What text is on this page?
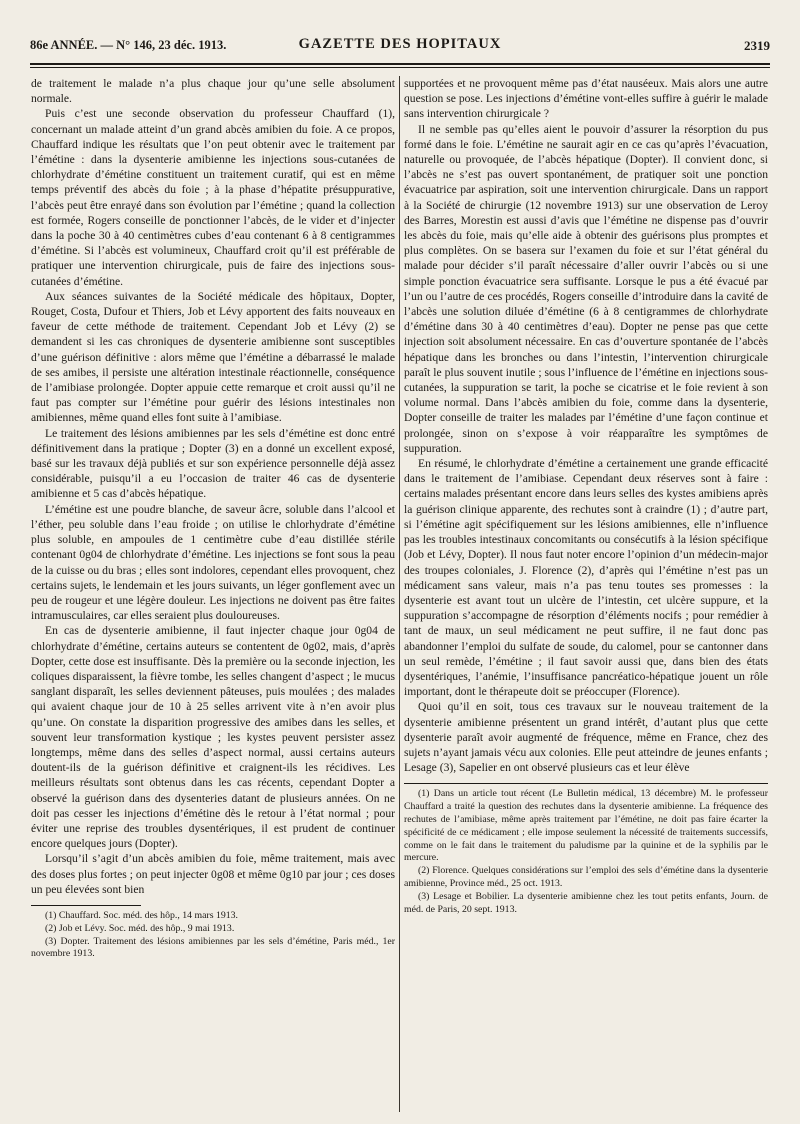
86e ANNÉE. — N° 146, 23 déc. 1913.	GAZETTE DES HOPITAUX	2319

de traitement le malade n’a plus chaque jour qu’une selle absolument normale.

Puis c’est une seconde observation du professeur Chauffard (1), concernant un malade atteint d’un grand abcès amibien du foie. A ce propos, Chauffard indique les résultats que l’on peut obtenir avec le traitement par l’émétine : dans la dysenterie amibienne les injections sous-cutanées de chlorhydrate d’émétine constituent un traitement curatif, qui est en même temps préventif des abcès du foie ; à la phase d’hépatite présuppurative, l’abcès peut être enrayé dans son évolution par l’émétine ; quand la collection est formée, Rogers conseille de ponctionner l’abcès, de le vider et d’injecter dans la poche 30 à 40 centimètres cubes d’eau contenant 6 à 8 centigrammes d’émétine. Si l’abcès est volumineux, Chauffard croit qu’il est préférable de pratiquer une intervention chirurgicale, puis de faire des injections sous-cutanées d’émétine.

Aux séances suivantes de la Société médicale des hôpitaux, Dopter, Rouget, Costa, Dufour et Thiers, Job et Lévy apportent des faits nouveaux en faveur de cette méthode de traitement. Cependant Job et Lévy (2) se demandent si les cas chroniques de dysenterie amibienne sont susceptibles d’une guérison définitive : alors même que l’émétine a débarrassé le malade de ses amibes, il persiste une altération intestinale réactionnelle, conséquence de l’amibiase prolongée. Dopter appuie cette remarque et croit aussi qu’il ne faut pas compter sur l’émétine pour guérir des lésions intestinales non amibiennes, même quand elles font suite à l’amibiase.

Le traitement des lésions amibiennes par les sels d’émétine est donc entré définitivement dans la pratique ; Dopter (3) en a donné un excellent exposé, basé sur les travaux déjà publiés et sur son expérience personnelle déjà assez considérable, puisqu’il a eu l’occasion de traiter 46 cas de dysenterie amibienne et 5 cas d’abcès hépatique.

L’émétine est une poudre blanche, de saveur âcre, soluble dans l’alcool et l’éther, peu soluble dans l’eau froide ; on utilise le chlorhydrate d’émétine plus soluble, en ampoules de 1 centimètre cube d’eau distillée stérile contenant 0g04 de chlorhydrate d’émétine. Les injections se font sous la peau de la cuisse ou du bras ; elles sont indolores, cependant elles provoquent, chez certains sujets, le lendemain et les jours suivants, un léger gonflement avec un peu de rougeur et une légère douleur. Les injections ne doivent pas être faites intramusculaires, car elles seraient plus douloureuses.

En cas de dysenterie amibienne, il faut injecter chaque jour 0g04 de chlorhydrate d’émétine, certains auteurs se contentent de 0g02, mais, d’après Dopter, cette dose est insuffisante. Dès la première ou la seconde injection, les coliques disparaissent, la fièvre tombe, les selles changent d’aspect ; le mucus sanglant disparaît, les selles deviennent pâteuses, puis moulées ; des malades qui avaient chaque jour de 10 à 25 selles arrivent vite à n’en avoir plus qu’une. On constate la disparition progressive des amibes dans les selles, et souvent leur transformation kystique ; les kystes peuvent persister assez longtemps, même dans des selles d’aspect normal, aussi certains auteurs doutent-ils de la guérison définitive et craignent-ils les récidives. Les meilleurs résultats sont obtenus dans les cas récents, cependant Dopter a observé la guérison dans des dysenteries datant de plusieurs années. On ne doit pas cesser les injections d’émétine dès le retour à l’état normal ; pour éviter une reprise des troubles dysentériques, il est prudent de continuer encore quelques jours (Dopter).

Lorsqu’il s’agit d’un abcès amibien du foie, même traitement, mais avec des doses plus fortes ; on peut injecter 0g08 et même 0g10 par jour ; ces doses un peu élevées sont bien

(1) Chauffard. Soc. méd. des hôp., 14 mars 1913.

(2) Job et Lévy. Soc. méd. des hôp., 9 mai 1913.

(3) Dopter. Traitement des lésions amibiennes par les sels d’émétine, Paris méd., 1er novembre 1913.

supportées et ne provoquent même pas d’état nauséeux. Mais alors une autre question se pose. Les injections d’émétine vont-elles suffire à guérir le malade sans intervention chirurgicale ?

Il ne semble pas qu’elles aient le pouvoir d’assurer la résorption du pus formé dans le foie. L’émétine ne saurait agir en ce cas qu’après l’évacuation, naturelle ou provoquée, de l’abcès hépatique (Dopter). Il convient donc, si l’abcès ne s’est pas ouvert spontanément, de pratiquer soit une ponction évacuatrice par aspiration, soit une intervention chirurgicale. Dans un rapport à la Société de chirurgie (12 novembre 1913) sur une observation de Leroy des Barres, Morestin est aussi d’avis que l’émétine ne dispense pas d’ouvrir les abcès du foie, mais qu’elle aide à obtenir des guérisons plus promptes et plus complètes. On se basera sur l’examen du foie et sur l’état général du malade pour décider s’il paraît nécessaire d’aller ouvrir l’abcès ou si une simple ponction évacuatrice sera suffisante. Lorsque le pus a été évacué par l’un ou l’autre de ces procédés, Rogers conseille d’introduire dans la cavité de l’abcès une solution diluée d’émétine (6 à 8 centigrammes de chlorhydrate d’émétine dans 30 à 40 centimètres d’eau). Dopter ne pense pas que cette injection soit absolument nécessaire. En cas d’ouverture spontanée de l’abcès hépatique dans les bronches ou dans l’intestin, l’intervention chirurgicale paraît le plus souvent inutile ; sous l’influence de l’émétine en injections sous-cutanées, la suppuration se tarit, la poche se cicatrise et le foie revient à son volume normal. Dans l’abcès amibien du foie, comme dans la dysenterie, Dopter conseille de traiter les malades par l’émétine d’une façon continue et prolongée, sinon on s’expose à voir réapparaître les symptômes de suppuration.

En résumé, le chlorhydrate d’émétine a certainement une grande efficacité dans le traitement de l’amibiase. Cependant deux réserves sont à faire : certains malades présentant encore dans leurs selles des kystes amibiens après la guérison clinique apparente, des rechutes sont à craindre (1) ; d’autre part, si l’émétine agit spécifiquement sur les lésions amibiennes, elle n’influence pas les troubles intestinaux concomitants ou consécutifs à la lésion spécifique (Job et Lévy, Dopter). Il nous faut noter encore l’opinion d’un médecin-major des troupes coloniales, J. Florence (2), d’après qui l’émétine n’est pas un médicament sans valeur, mais n’a pas tenu toutes ses promesses : la dysenterie est avant tout un ulcère de l’intestin, cet ulcère suppure, et la suppuration s’accompagne de résorption d’éléments nocifs ; pour remédier à tant de maux, un seul médicament ne peut suffire, il ne faut donc pas abandonner l’emploi du sulfate de soude, du calomel, pour se cantonner dans un seul remède, l’émétine ; il faut savoir aussi que, dans bien des états dysentériques, l’anémie, l’insuffisance pancréatico-hépatique jouent un rôle important, dont le thérapeute doit se préoccuper (Florence).

Quoi qu’il en soit, tous ces travaux sur le nouveau traitement de la dysenterie amibienne présentent un grand intérêt, d’autant plus que cette dysenterie paraît avoir augmenté de fréquence, même en France, chez des sujets n’ayant jamais vécu aux colonies. Elle peut atteindre de jeunes enfants ; Lesage (3), Sapelier en ont observé plusieurs cas et leur élève

(1) Dans un article tout récent (Le Bulletin médical, 13 décembre) M. le professeur Chauffard a traité la question des rechutes dans la dysenterie amibienne. La fréquence des rechutes de l’amibiase, même après traitement par l’émétine, ne doit pas faire écarter la spécificité de ce médicament ; elle impose seulement la nécessité de traitements successifs, comme on le fait dans le traitement du paludisme par la quinine et de la syphilis par le mercure.

(2) Florence. Quelques considérations sur l’emploi des sels d’émétine dans la dysenterie amibienne, Province méd., 25 oct. 1913.

(3) Lesage et Bobilier. La dysenterie amibienne chez les tout petits enfants, Journ. de méd. de Paris, 20 sept. 1913.
